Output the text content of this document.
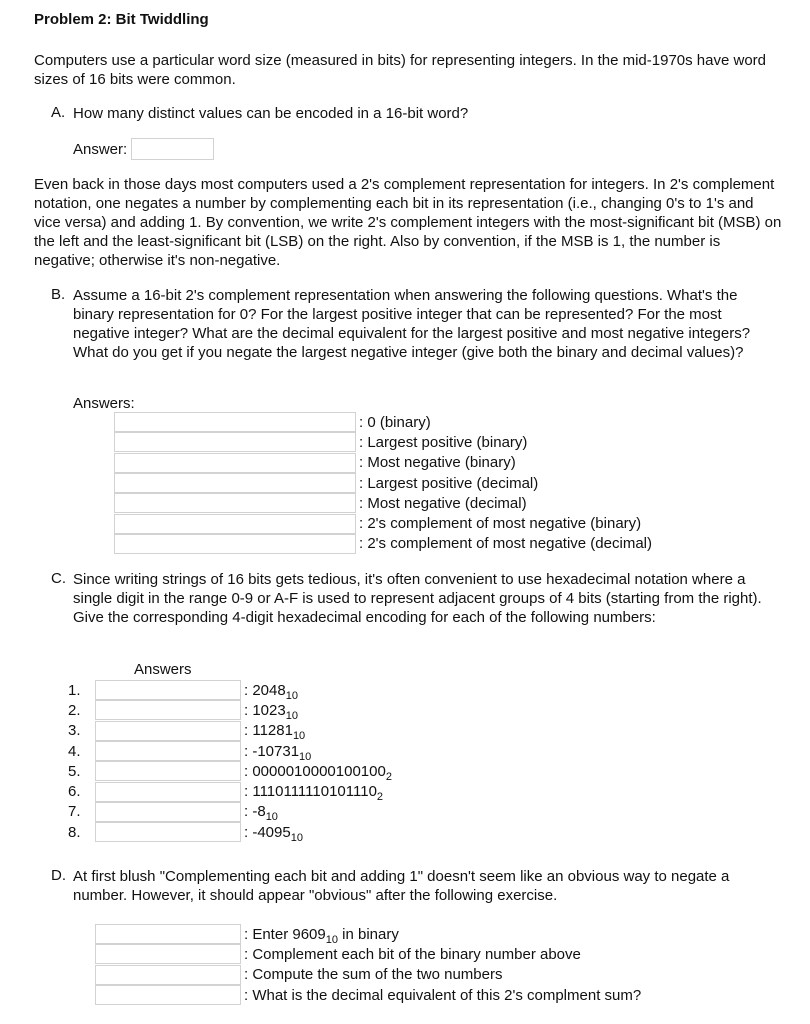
Problem 2: Bit Twiddling

Computers use a particular word size (measured in bits) for representing integers. In the mid-1970s have word sizes of 16 bits were common.

A. How many distinct values can be encoded in a 16-bit word?
Answer:

Even back in those days most computers used a 2's complement representation for integers. In 2's complement notation, one negates a number by complementing each bit in its representation (i.e., changing 0's to 1's and vice versa) and adding 1. By convention, we write 2's complement integers with the most-significant bit (MSB) on the left and the least-significant bit (LSB) on the right. Also by convention, if the MSB is 1, the number is negative; otherwise it's non-negative.

B. Assume a 16-bit 2's complement representation when answering the following questions. What's the binary representation for 0? For the largest positive integer that can be represented? For the most negative integer? What are the decimal equivalent for the largest positive and most negative integers? What do you get if you negate the largest negative integer (give both the binary and decimal values)?
Answers:
: 0 (binary)
: Largest positive (binary)
: Most negative (binary)
: Largest positive (decimal)
: Most negative (decimal)
: 2's complement of most negative (binary)
: 2's complement of most negative (decimal)
C. Since writing strings of 16 bits gets tedious, it's often convenient to use hexadecimal notation where a single digit in the range 0-9 or A-F is used to represent adjacent groups of 4 bits (starting from the right). Give the corresponding 4-digit hexadecimal encoding for each of the following numbers:
Answers
1.	: $2048_{10}$
2.	: $1023_{10}$
3.	: $11281_{10}$
4.	: $-10731_{10}$
5.	: $0000010000100100_2$
6.	: $1110111110101110_2$
7.	: $-8_{10}$
8.	: $-4095_{10}$
D. At first blush "Complementing each bit and adding 1" doesn't seem like an obvious way to negate a number. However, it should appear "obvious" after the following exercise.
: Enter $9609_{10}$ in binary
: Complement each bit of the binary number above
: Compute the sum of the two numbers
: What is the decimal equivalent of this 2's complment sum?
